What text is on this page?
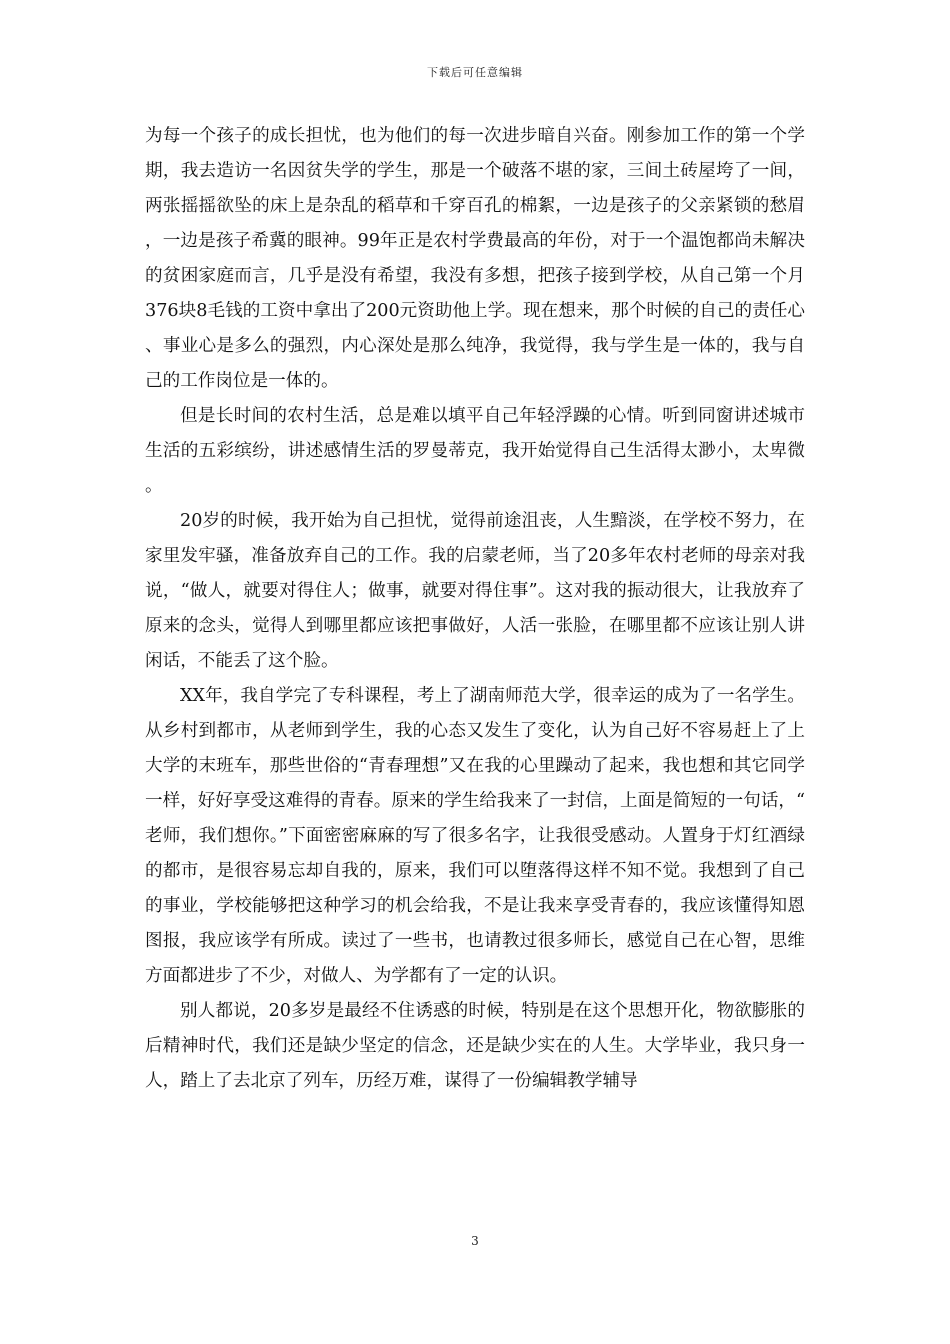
下载后可任意编辑

为每一个孩子的成长担忧，也为他们的每一次进步暗自兴奋。刚参加工作的第一个学期，我去造访一名因贫失学的学生，那是一个破落不堪的家，三间土砖屋垮了一间，两张摇摇欲坠的床上是杂乱的稻草和千穿百孔的棉絮，一边是孩子的父亲紧锁的愁眉，一边是孩子希冀的眼神。99年正是农村学费最高的年份，对于一个温饱都尚未解决的贫困家庭而言，几乎是没有希望，我没有多想，把孩子接到学校，从自己第一个月376块8毛钱的工资中拿出了200元资助他上学。现在想来，那个时候的自己的责任心、事业心是多么的强烈，内心深处是那么纯净，我觉得，我与学生是一体的，我与自己的工作岗位是一体的。

但是长时间的农村生活，总是难以填平自己年轻浮躁的心情。听到同窗讲述城市生活的五彩缤纷，讲述感情生活的罗曼蒂克，我开始觉得自己生活得太渺小，太卑微。

20岁的时候，我开始为自己担忧，觉得前途沮丧，人生黯淡，在学校不努力，在家里发牢骚，准备放弃自己的工作。我的启蒙老师，当了20多年农村老师的母亲对我说，“做人，就要对得住人；做事，就要对得住事”。这对我的振动很大，让我放弃了原来的念头，觉得人到哪里都应该把事做好，人活一张脸，在哪里都不应该让别人讲闲话，不能丢了这个脸。

XX年，我自学完了专科课程，考上了湖南师范大学，很幸运的成为了一名学生。从乡村到都市，从老师到学生，我的心态又发生了变化，认为自己好不容易赶上了上大学的末班车，那些世俗的“青春理想”又在我的心里躁动了起来，我也想和其它同学一样，好好享受这难得的青春。原来的学生给我来了一封信，上面是简短的一句话，“老师，我们想你。”下面密密麻麻的写了很多名字，让我很受感动。人置身于灯红酒绿的都市，是很容易忘却自我的，原来，我们可以堕落得这样不知不觉。我想到了自己的事业，学校能够把这种学习的机会给我，不是让我来享受青春的，我应该懂得知恩图报，我应该学有所成。读过了一些书，也请教过很多师长，感觉自己在心智，思维方面都进步了不少，对做人、为学都有了一定的认识。

别人都说，20多岁是最经不住诱惑的时候，特别是在这个思想开化，物欲膨胀的后精神时代，我们还是缺少坚定的信念，还是缺少实在的人生。大学毕业，我只身一人，踏上了去北京了列车，历经万难，谋得了一份编辑教学辅导

3
